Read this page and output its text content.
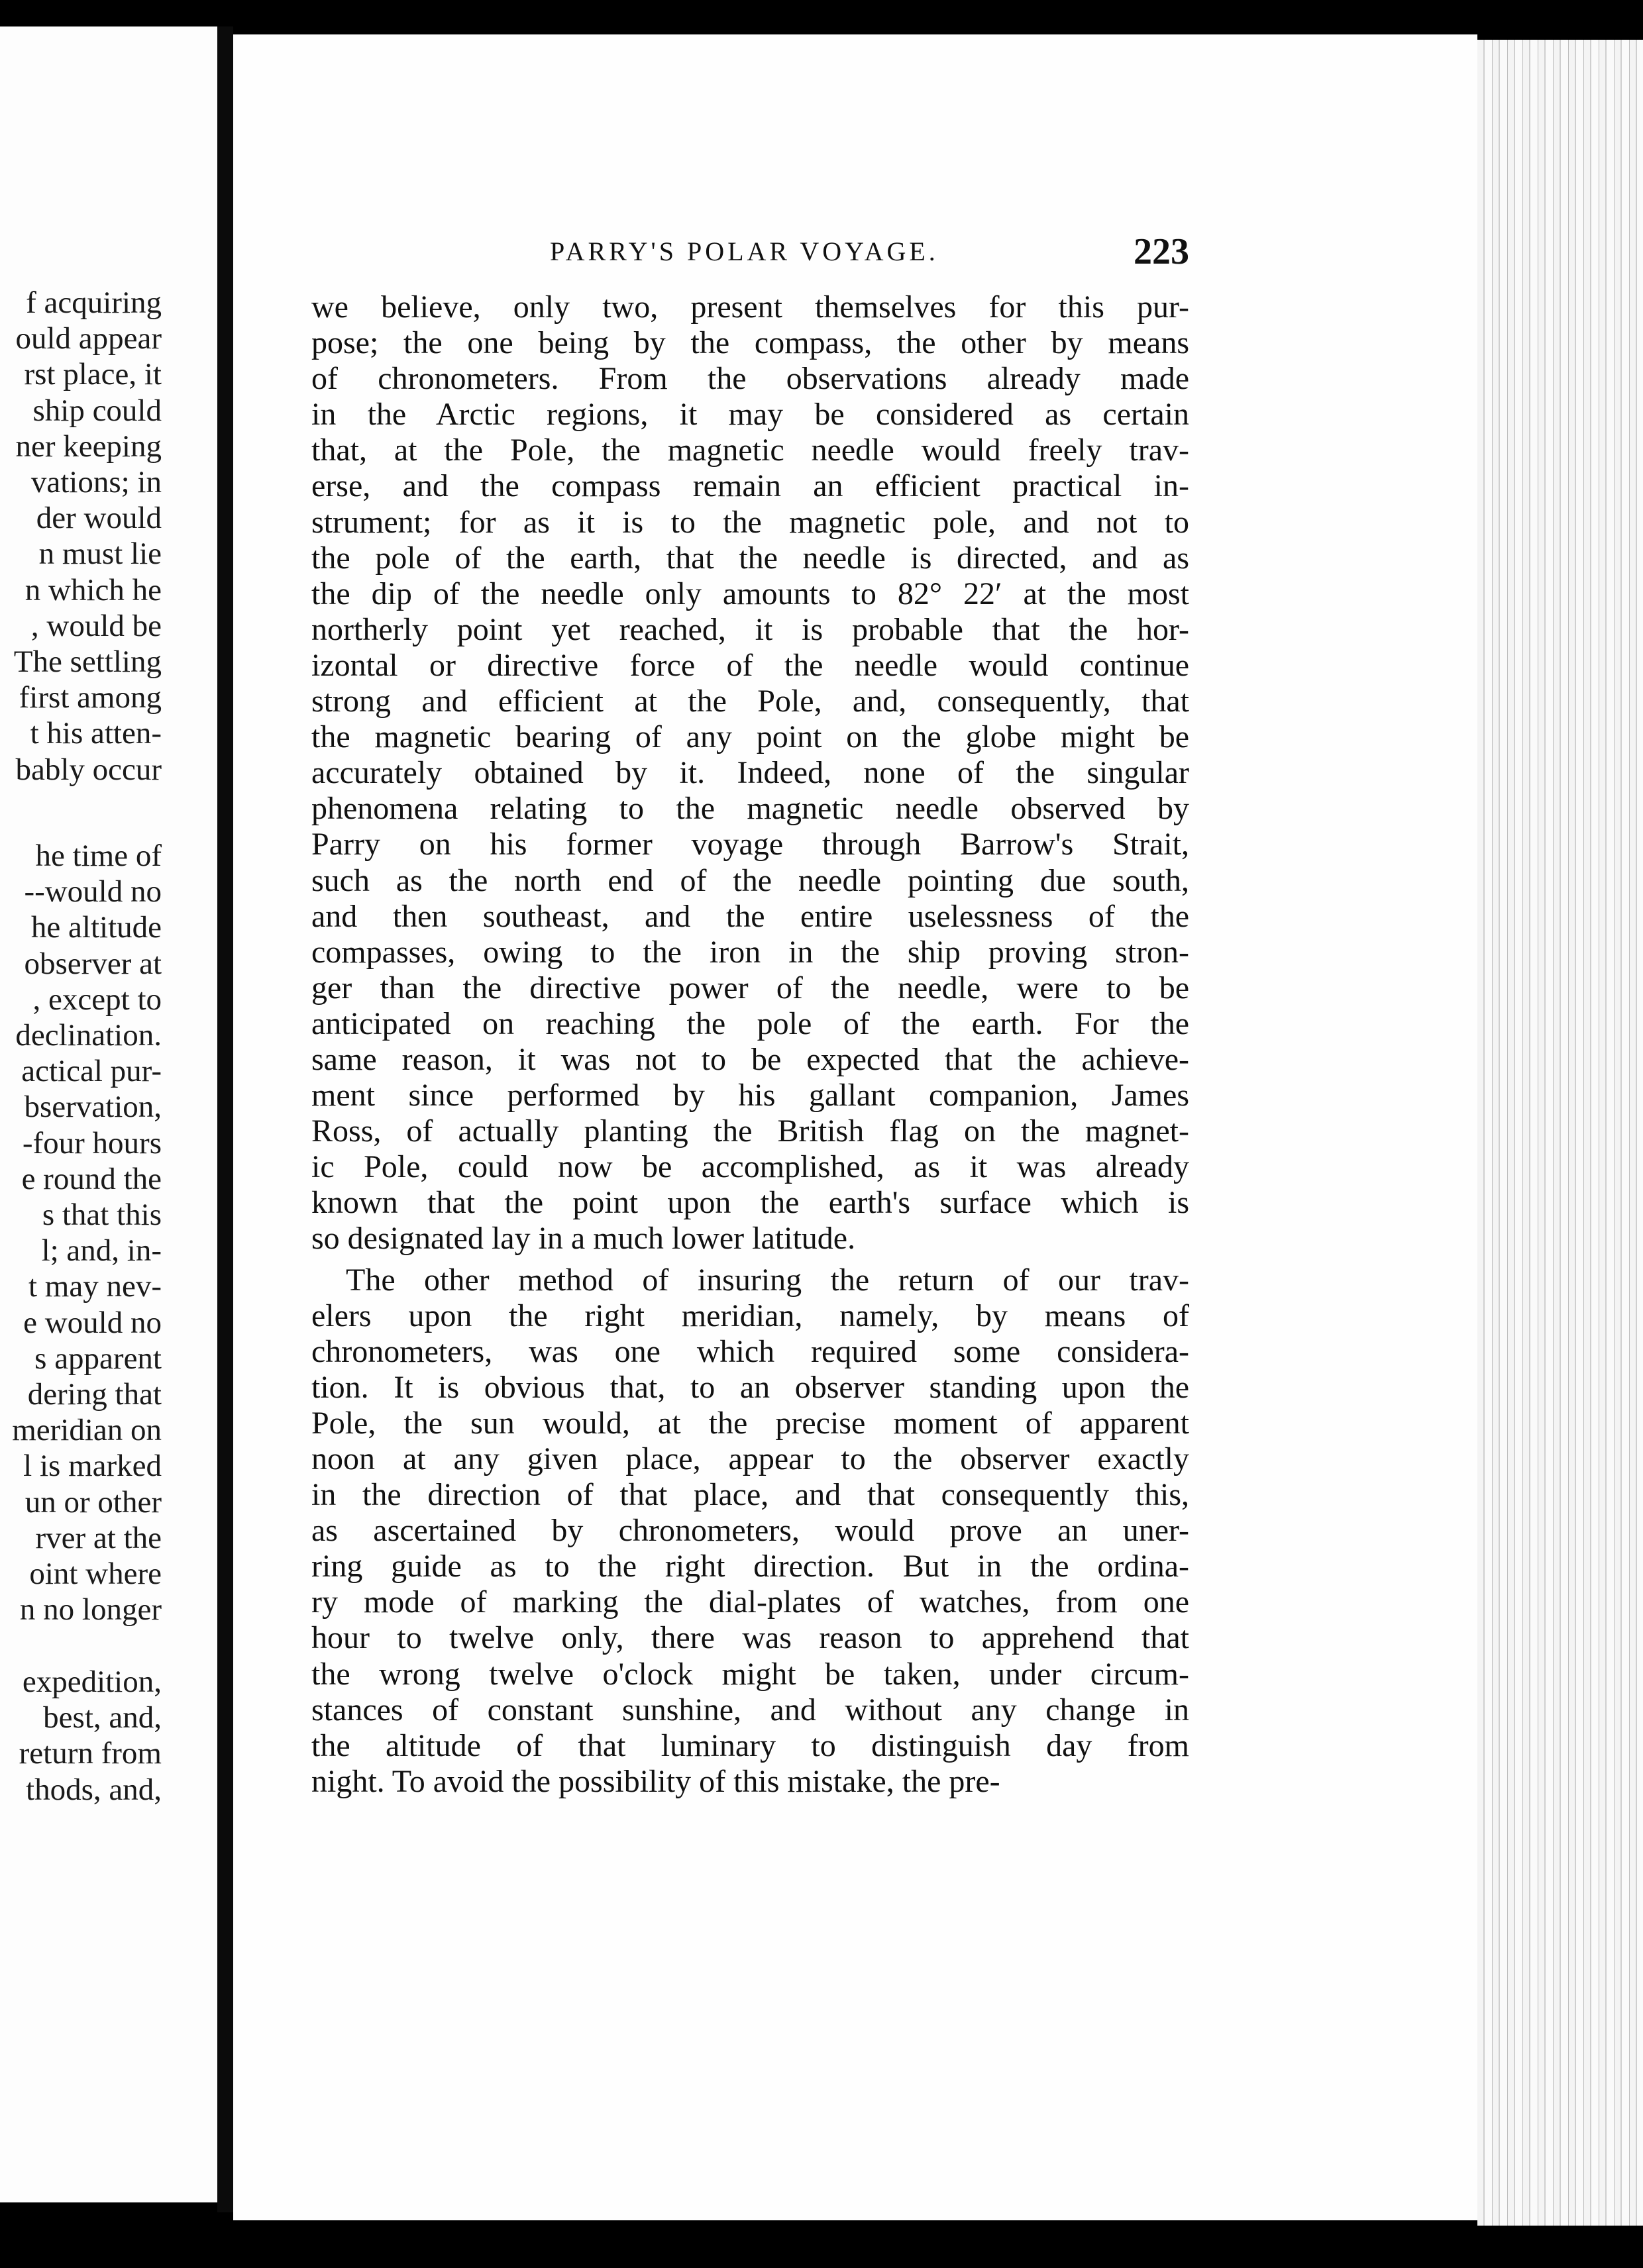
f acquiring
ould appear
rst place, it
ship could
ner keeping
vations; in
der would
n must lie
n which he
, would be
The settling
first among
t his atten-
bably occur
he time of
--would no
he altitude
observer at
, except to
declination.
actical pur-
bservation,
-four hours
e round the
s that this
l; and, in-
t may nev-
e would no
s apparent
dering that
meridian on
l is marked
un or other
rver at the
oint where
n no longer
expedition,
best, and,
return from
thods, and,
PARRY'S POLAR VOYAGE.	223
we believe, only two, present themselves for this pur-
pose; the one being by the compass, the other by means
of chronometers. From the observations already made
in the Arctic regions, it may be considered as certain
that, at the Pole, the magnetic needle would freely trav-
erse, and the compass remain an efficient practical in-
strument; for as it is to the magnetic pole, and not to
the pole of the earth, that the needle is directed, and as
the dip of the needle only amounts to 82° 22′ at the most
northerly point yet reached, it is probable that the hor-
izontal or directive force of the needle would continue
strong and efficient at the Pole, and, consequently, that
the magnetic bearing of any point on the globe might be
accurately obtained by it. Indeed, none of the singular
phenomena relating to the magnetic needle observed by
Parry on his former voyage through Barrow's Strait,
such as the north end of the needle pointing due south,
and then southeast, and the entire uselessness of the
compasses, owing to the iron in the ship proving stron-
ger than the directive power of the needle, were to be
anticipated on reaching the pole of the earth. For the
same reason, it was not to be expected that the achieve-
ment since performed by his gallant companion, James
Ross, of actually planting the British flag on the magnet-
ic Pole, could now be accomplished, as it was already
known that the point upon the earth's surface which is
so designated lay in a much lower latitude.
The other method of insuring the return of our trav-
elers upon the right meridian, namely, by means of
chronometers, was one which required some considera-
tion. It is obvious that, to an observer standing upon the
Pole, the sun would, at the precise moment of apparent
noon at any given place, appear to the observer exactly
in the direction of that place, and that consequently this,
as ascertained by chronometers, would prove an uner-
ring guide as to the right direction. But in the ordina-
ry mode of marking the dial-plates of watches, from one
hour to twelve only, there was reason to apprehend that
the wrong twelve o'clock might be taken, under circum-
stances of constant sunshine, and without any change in
the altitude of that luminary to distinguish day from
night. To avoid the possibility of this mistake, the pre-
